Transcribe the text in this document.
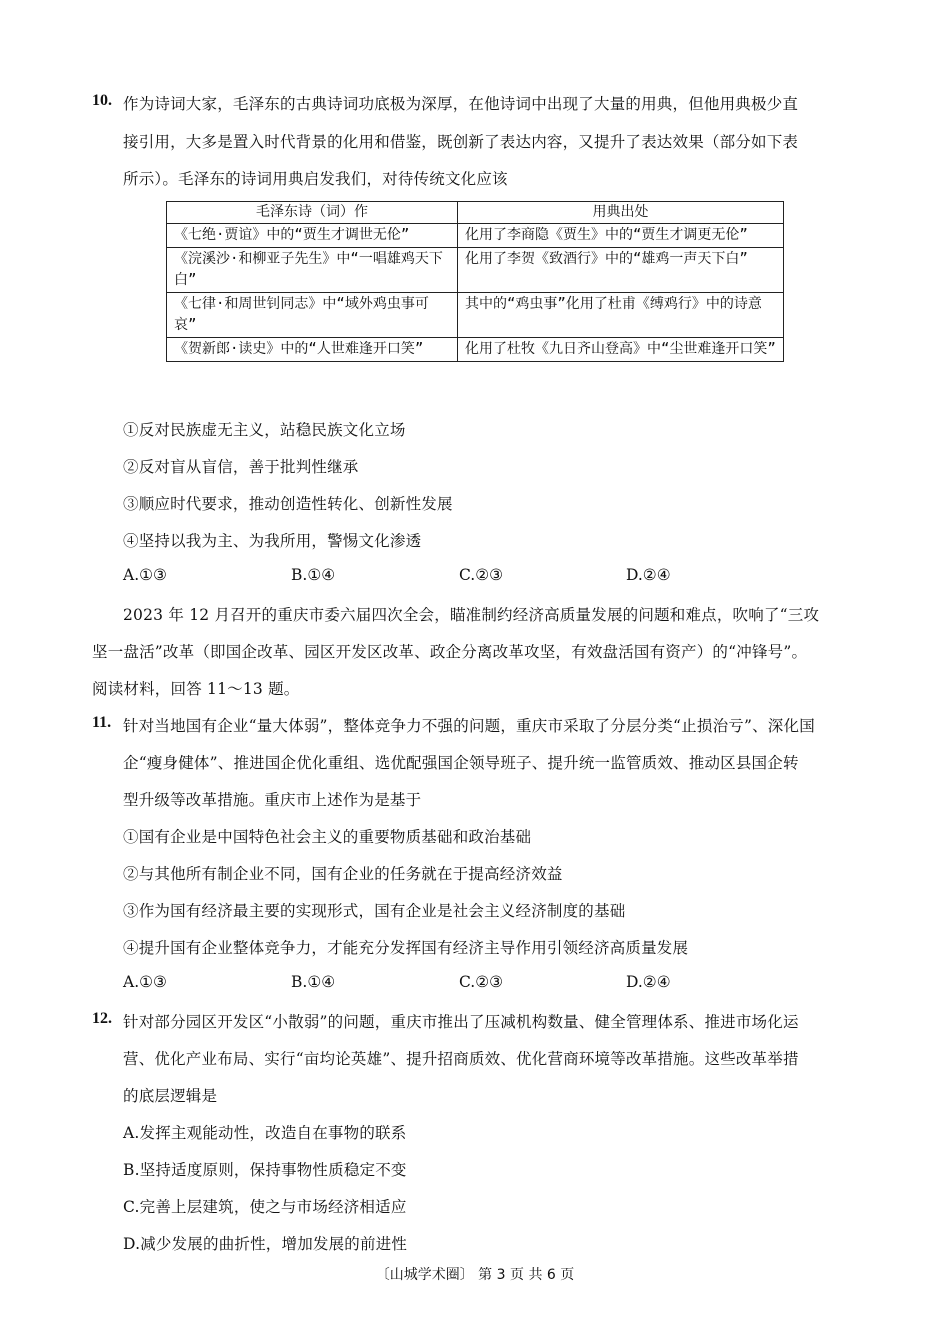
10. 作为诗词大家，毛泽东的古典诗词功底极为深厚，在他诗词中出现了大量的用典，但他用典极少直
接引用，大多是置入时代背景的化用和借鉴，既创新了表达内容，又提升了表达效果（部分如下表
所示）。毛泽东的诗词用典启发我们，对待传统文化应该
毛泽东诗（词）作	用典出处
《七绝·贾谊》中的“贾生才调世无伦”	化用了李商隐《贾生》中的“贾生才调更无伦”
《浣溪沙·和柳亚子先生》中“一唱雄鸡天下白”	化用了李贺《致酒行》中的“雄鸡一声天下白”
《七律·和周世钊同志》中“域外鸡虫事可哀”	其中的“鸡虫事”化用了杜甫《缚鸡行》中的诗意
《贺新郎·读史》中的“人世难逢开口笑”	化用了杜牧《九日齐山登高》中“尘世难逢开口笑”
①反对民族虚无主义，站稳民族文化立场
②反对盲从盲信，善于批判性继承
③顺应时代要求，推动创造性转化、创新性发展
④坚持以我为主、为我所用，警惕文化渗透
A.①③	B.①④	C.②③	D.②④
2023 年 12 月召开的重庆市委六届四次全会，瞄准制约经济高质量发展的问题和难点，吹响了“三攻
坚一盘活”改革（即国企改革、园区开发区改革、政企分离改革攻坚，有效盘活国有资产）的“冲锋号”。
阅读材料，回答 11～13 题。
11. 针对当地国有企业“量大体弱”，整体竞争力不强的问题，重庆市采取了分层分类“止损治亏”、深化国
企“瘦身健体”、推进国企优化重组、选优配强国企领导班子、提升统一监管质效、推动区县国企转
型升级等改革措施。重庆市上述作为是基于
①国有企业是中国特色社会主义的重要物质基础和政治基础
②与其他所有制企业不同，国有企业的任务就在于提高经济效益
③作为国有经济最主要的实现形式，国有企业是社会主义经济制度的基础
④提升国有企业整体竞争力，才能充分发挥国有经济主导作用引领经济高质量发展
A.①③	B.①④	C.②③	D.②④
12. 针对部分园区开发区“小散弱”的问题，重庆市推出了压减机构数量、健全管理体系、推进市场化运
营、优化产业布局、实行“亩均论英雄”、提升招商质效、优化营商环境等改革措施。这些改革举措
的底层逻辑是
A.发挥主观能动性，改造自在事物的联系
B.坚持适度原则，保持事物性质稳定不变
C.完善上层建筑，使之与市场经济相适应
D.减少发展的曲折性，增加发展的前进性
〔山城学术圈〕 第 3 页 共 6 页
